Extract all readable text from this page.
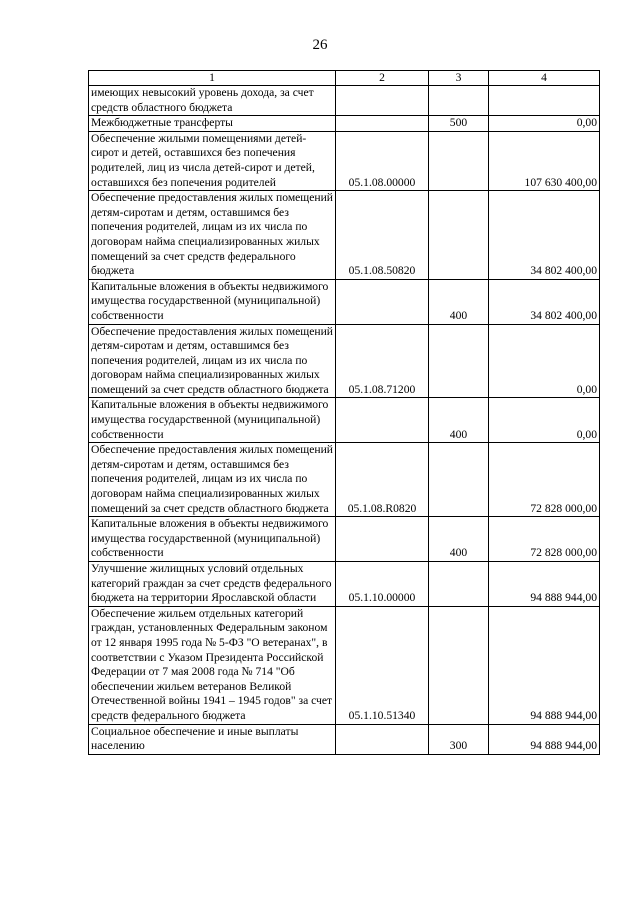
26
1	2	3	4
имеющих невысокий уровень дохода, за счет средств областного бюджета			
Межбюджетные трансферты		500	0,00
Обеспечение жилыми помещениями детей-сирот и детей, оставшихся без попечения родителей, лиц из числа детей-сирот и детей, оставшихся без попечения родителей	05.1.08.00000		107 630 400,00
Обеспечение предоставления жилых помещений детям-сиротам и детям, оставшимся без попечения родителей, лицам из их числа по договорам найма специализированных жилых помещений за счет средств федерального бюджета	05.1.08.50820		34 802 400,00
Капитальные вложения в объекты недвижимого имущества государственной (муниципальной) собственности		400	34 802 400,00
Обеспечение предоставления жилых помещений детям-сиротам и детям, оставшимся без попечения родителей, лицам из их числа по договорам найма специализированных жилых помещений за счет средств областного бюджета	05.1.08.71200		0,00
Капитальные вложения в объекты недвижимого имущества государственной (муниципальной) собственности		400	0,00
Обеспечение предоставления жилых помещений детям-сиротам и детям, оставшимся без попечения родителей, лицам из их числа по договорам найма специализированных жилых помещений за счет средств областного бюджета	05.1.08.R0820		72 828 000,00
Капитальные вложения в объекты недвижимого имущества государственной (муниципальной) собственности		400	72 828 000,00
Улучшение жилищных условий отдельных категорий граждан за счет средств федерального бюджета на территории Ярославской области	05.1.10.00000		94 888 944,00
Обеспечение жильем отдельных категорий граждан, установленных Федеральным законом от 12 января 1995 года № 5-ФЗ "О ветеранах", в соответствии с Указом Президента Российской Федерации от 7 мая 2008 года № 714 "Об обеспечении жильем ветеранов Великой Отечественной войны 1941 – 1945 годов" за счет средств федерального бюджета	05.1.10.51340		94 888 944,00
Социальное обеспечение и иные выплаты населению		300	94 888 944,00
